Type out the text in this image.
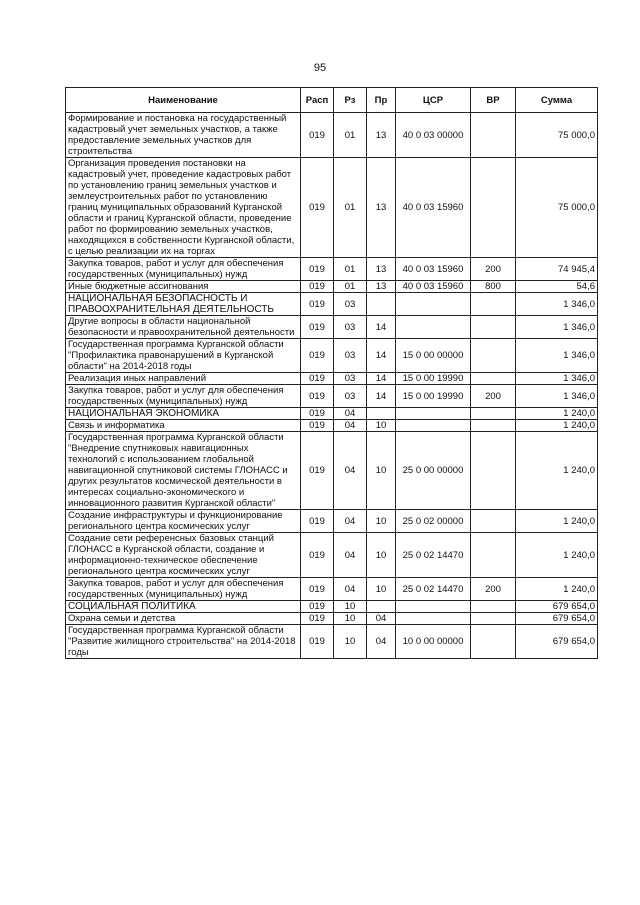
95
Наименование	Расп	Рз	Пр	ЦСР	ВР	Сумма
Формирование и постановка на государственный кадастровый учет земельных участков, а также предоставление земельных участков для строительства	019	01	13	40 0 03 00000		75 000,0
Организация проведения постановки на кадастровый учет, проведение кадастровых работ по установлению границ земельных участков и землеустроительных работ по установлению границ муниципальных образований Курганской области и границ Курганской области, проведение работ по формированию земельных участков, находящихся в собственности Курганской области, с целью реализации их на торгах	019	01	13	40 0 03 15960		75 000,0
Закупка товаров, работ и услуг для обеспечения государственных (муниципальных) нужд	019	01	13	40 0 03 15960	200	74 945,4
Иные бюджетные ассигнования	019	01	13	40 0 03 15960	800	54,6
НАЦИОНАЛЬНАЯ БЕЗОПАСНОСТЬ И ПРАВООХРАНИТЕЛЬНАЯ ДЕЯТЕЛЬНОСТЬ	019	03				1 346,0
Другие вопросы в области национальной безопасности и правоохранительной деятельности	019	03	14			1 346,0
Государственная программа Курганской области "Профилактика правонарушений в Курганской области" на 2014-2018 годы	019	03	14	15 0 00 00000		1 346,0
Реализация иных направлений	019	03	14	15 0 00 19990		1 346,0
Закупка товаров, работ и услуг для обеспечения государственных (муниципальных) нужд	019	03	14	15 0 00 19990	200	1 346,0
НАЦИОНАЛЬНАЯ ЭКОНОМИКА	019	04				1 240,0
Связь и информатика	019	04	10			1 240,0
Государственная программа Курганской области "Внедрение спутниковых навигационных технологий с использованием глобальной навигационной спутниковой системы ГЛОНАСС и других результатов космической деятельности в интересах социально-экономического и инновационного развития Курганской области"	019	04	10	25 0 00 00000		1 240,0
Создание инфраструктуры и функционирование регионального центра космических услуг	019	04	10	25 0 02 00000		1 240,0
Создание сети референсных базовых станций ГЛОНАСС в Курганской области, создание и информационно-техническое обеспечение регионального центра космических услуг	019	04	10	25 0 02 14470		1 240,0
Закупка товаров, работ и услуг для обеспечения государственных (муниципальных) нужд	019	04	10	25 0 02 14470	200	1 240,0
СОЦИАЛЬНАЯ ПОЛИТИКА	019	10				679 654,0
Охрана семьи и детства	019	10	04			679 654,0
Государственная программа Курганской области "Развитие жилищного строительства" на 2014-2018 годы	019	10	04	10 0 00 00000		679 654,0
